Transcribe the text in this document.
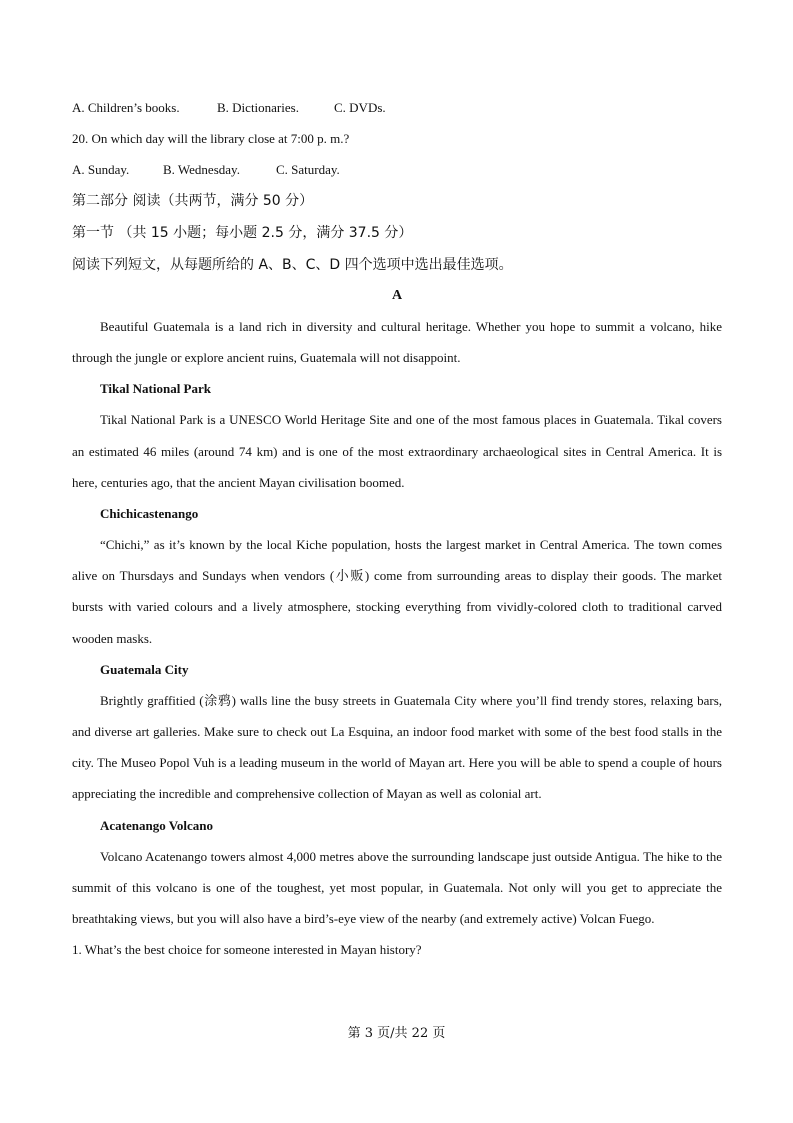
A. Children’s books.	B. Dictionaries.	C. DVDs.
20. On which day will the library close at 7:00 p. m.?
A. Sunday.	B. Wednesday.	C. Saturday.
第二部分 阅读（共两节，满分 50 分）
第一节 （共 15 小题；每小题 2.5 分，满分 37.5 分）
阅读下列短文，从每题所给的 A、B、C、D 四个选项中选出最佳选项。
A

Beautiful Guatemala is a land rich in diversity and cultural heritage. Whether you hope to summit a volcano, hike through the jungle or explore ancient ruins, Guatemala will not disappoint.

Tikal National Park

Tikal National Park is a UNESCO World Heritage Site and one of the most famous places in Guatemala. Tikal covers an estimated 46 miles (around 74 km) and is one of the most extraordinary archaeological sites in Central America. It is here, centuries ago, that the ancient Mayan civilisation boomed.

Chichicastenango

“Chichi,” as it’s known by the local Kiche population, hosts the largest market in Central America. The town comes alive on Thursdays and Sundays when vendors (小贩) come from surrounding areas to display their goods. The market bursts with varied colours and a lively atmosphere, stocking everything from vividly-colored cloth to traditional carved wooden masks.

Guatemala City

Brightly graffitied (涂鸦) walls line the busy streets in Guatemala City where you’ll find trendy stores, relaxing bars, and diverse art galleries. Make sure to check out La Esquina, an indoor food market with some of the best food stalls in the city. The Museo Popol Vuh is a leading museum in the world of Mayan art. Here you will be able to spend a couple of hours appreciating the incredible and comprehensive collection of Mayan as well as colonial art.

Acatenango Volcano

Volcano Acatenango towers almost 4,000 metres above the surrounding landscape just outside Antigua. The hike to the summit of this volcano is one of the toughest, yet most popular, in Guatemala. Not only will you get to appreciate the breathtaking views, but you will also have a bird’s-eye view of the nearby (and extremely active) Volcan Fuego.

1. What’s the best choice for someone interested in Mayan history?
第 3 页/共 22 页
